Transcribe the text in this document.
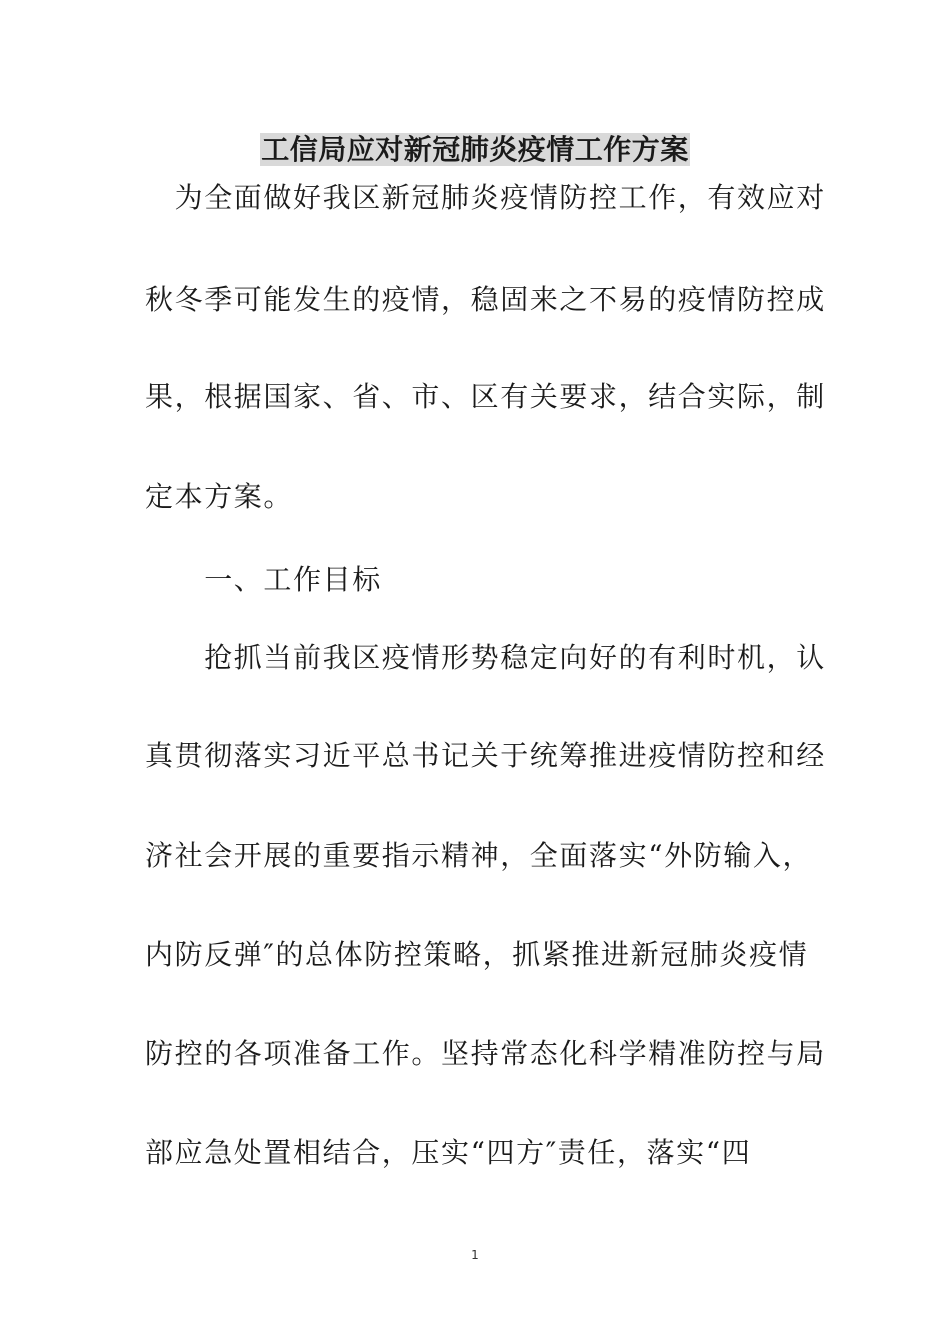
工信局应对新冠肺炎疫情工作方案
　为全面做好我区新冠肺炎疫情防控工作，有效应对
秋冬季可能发生的疫情，稳固来之不易的疫情防控成
果，根据国家、省、市、区有关要求，结合实际，制
定本方案。
　　一、工作目标
　　抢抓当前我区疫情形势稳定向好的有利时机，认
真贯彻落实习近平总书记关于统筹推进疫情防控和经
济社会开展的重要指示精神，全面落实“外防输入，
内防反弹″的总体防控策略，抓紧推进新冠肺炎疫情
防控的各项准备工作。坚持常态化科学精准防控与局
部应急处置相结合，压实“四方″责任，落实“四
1
